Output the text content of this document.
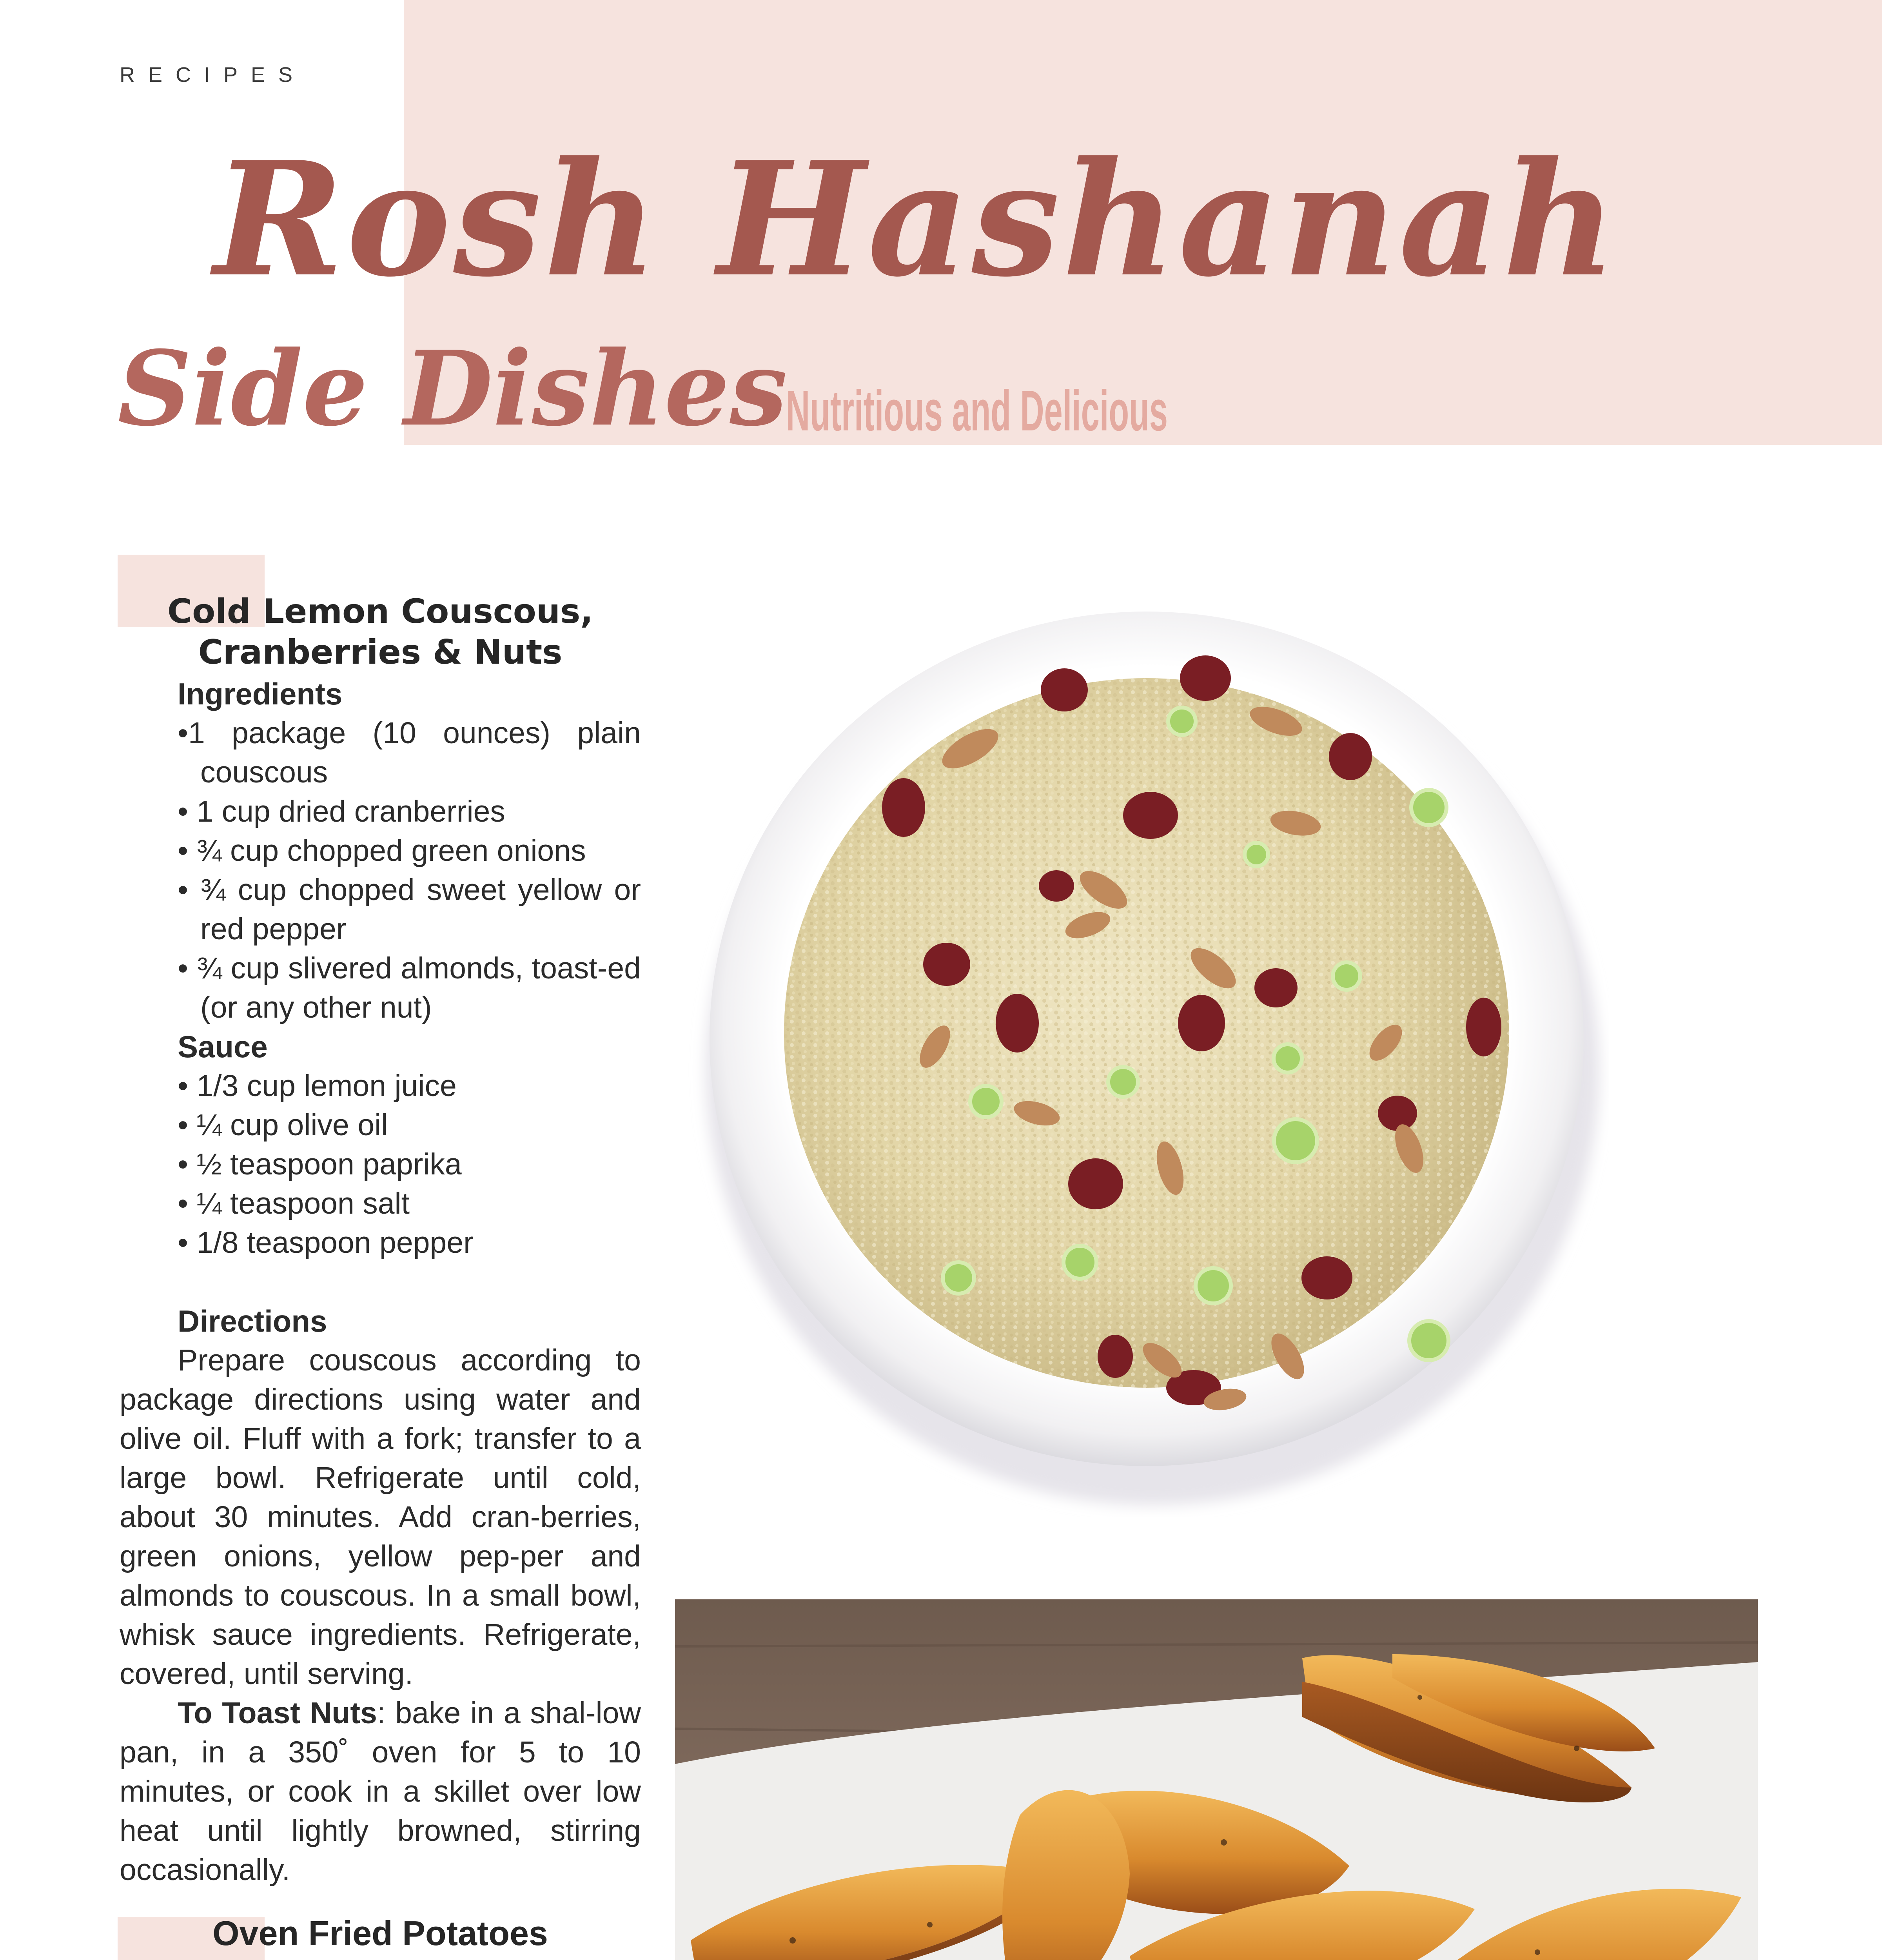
RECIPES
Rosh Hashanah
Side Dishes
Nutritious and Delicious
Cold Lemon Couscous,
Cranberries & Nuts

Ingredients

•1 package (10 ounces) plain couscous

• 1 cup dried cranberries

• ¾ cup chopped green onions

• ¾ cup chopped sweet yellow or red pepper

• ¾ cup slivered almonds, toast-ed (or any other nut)

Sauce

• 1/3 cup lemon juice

• ¼ cup olive oil

• ½ teaspoon paprika

• ¼ teaspoon salt

• 1/8 teaspoon pepper

Directions

Prepare couscous according to package directions using water and olive oil. Fluff with a fork; transfer to a large bowl. Refrigerate until cold, about 30 minutes. Add cran-berries, green onions, yellow pep-per and almonds to couscous. In a small bowl, whisk sauce ingredients. Refrigerate, covered, until serving.

To Toast Nuts: bake in a shal-low pan, in a 350˚ oven for 5 to 10 minutes, or cook in a skillet over low heat until lightly browned, stirring occasionally.

Oven Fried Potatoes
